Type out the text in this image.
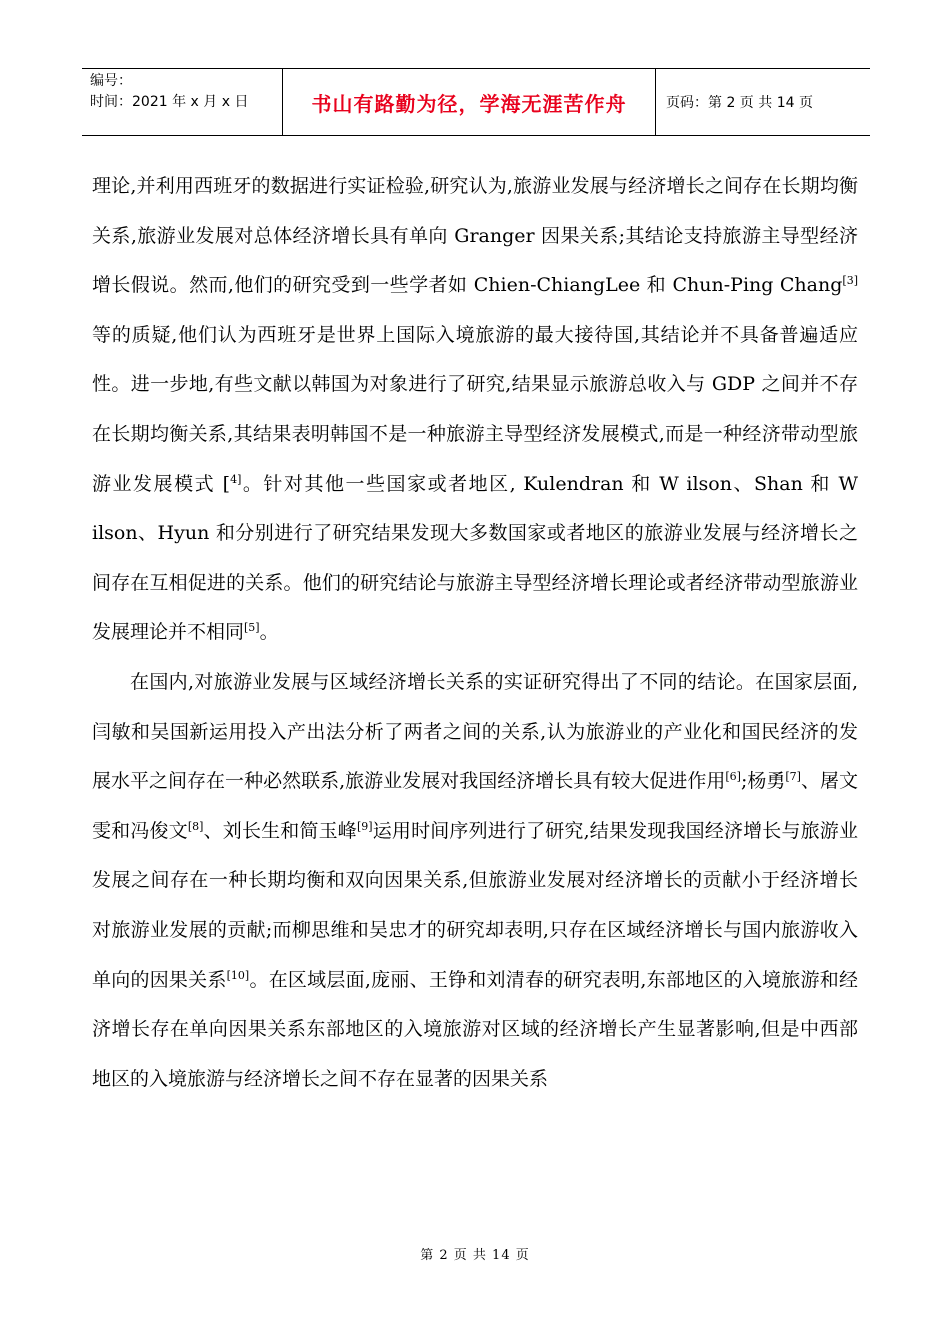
编号：
时间：2021 年 x 月 x 日	书山有路勤为径，学海无涯苦作舟	页码：第 2 页 共 14 页

理论,并利用西班牙的数据进行实证检验,研究认为,旅游业发展与经济增长之间存在长期均衡关系,旅游业发展对总体经济增长具有单向 Granger 因果关系;其结论支持旅游主导型经济增长假说。然而,他们的研究受到一些学者如 Chien-ChiangLee 和 Chun-Ping Chang[3]等的质疑,他们认为西班牙是世界上国际入境旅游的最大接待国,其结论并不具备普遍适应性。进一步地,有些文献以韩国为对象进行了研究,结果显示旅游总收入与 GDP 之间并不存在长期均衡关系,其结果表明韩国不是一种旅游主导型经济发展模式,而是一种经济带动型旅游业发展模式 [$^{4]}$。针对其他一些国家或者地区, Kulendran 和 W ilson、Shan 和 W ilson、Hyun 和分别进行了研究结果发现大多数国家或者地区的旅游业发展与经济增长之间存在互相促进的关系。他们的研究结论与旅游主导型经济增长理论或者经济带动型旅游业发展理论并不相同[5]。

在国内,对旅游业发展与区域经济增长关系的实证研究得出了不同的结论。在国家层面,闫敏和吴国新运用投入产出法分析了两者之间的关系,认为旅游业的产业化和国民经济的发展水平之间存在一种必然联系,旅游业发展对我国经济增长具有较大促进作用[6];杨勇[7]、屠文雯和冯俊文[8]、刘长生和简玉峰[9]运用时间序列进行了研究,结果发现我国经济增长与旅游业发展之间存在一种长期均衡和双向因果关系,但旅游业发展对经济增长的贡献小于经济增长对旅游业发展的贡献;而柳思维和吴忠才的研究却表明,只存在区域经济增长与国内旅游收入单向的因果关系[10]。在区域层面,庞丽、王铮和刘清春的研究表明,东部地区的入境旅游和经济增长存在单向因果关系东部地区的入境旅游对区域的经济增长产生显著影响,但是中西部地区的入境旅游与经济增长之间不存在显著的因果关系

第 2 页 共 14 页
